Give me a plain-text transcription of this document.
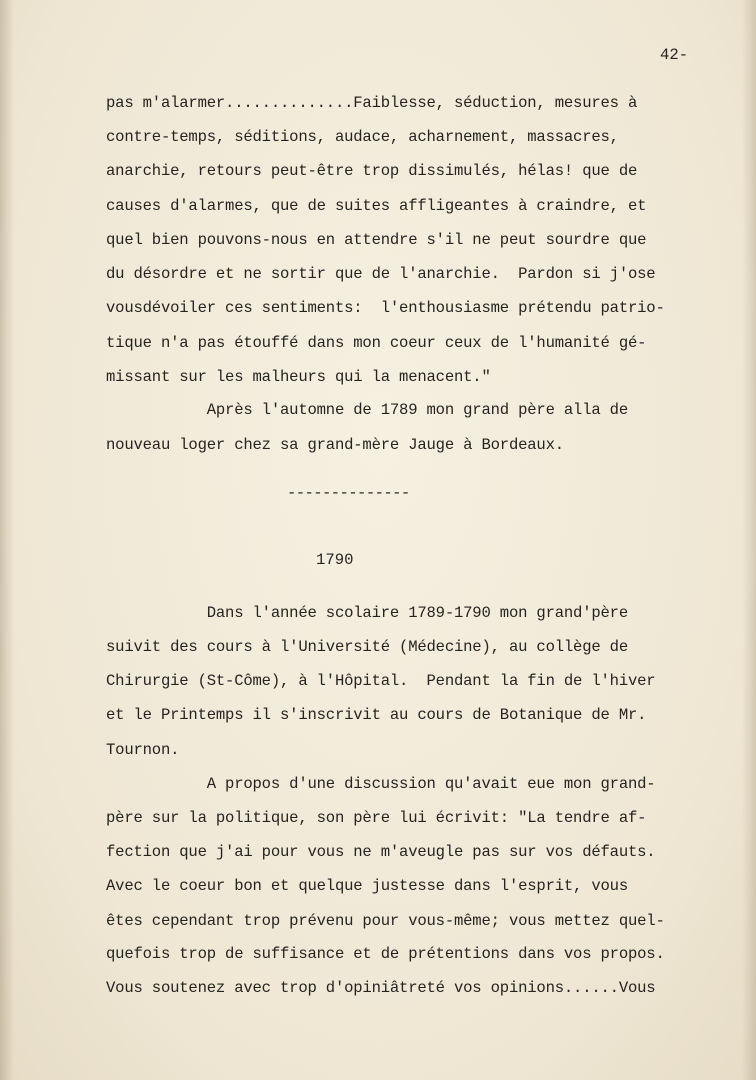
42-
pas m'alarmer..............Faiblesse, séduction, mesures à
contre-temps, séditions, audace, acharnement, massacres,
anarchie, retours peut-être trop dissimulés, hélas! que de
causes d'alarmes, que de suites affligeantes à craindre, et
quel bien pouvons-nous en attendre s'il ne peut sourdre que
du désordre et ne sortir que de l'anarchie.  Pardon si j'ose
vousdévoiler ces sentiments:  l'enthousiasme prétendu patrio-
tique n'a pas étouffé dans mon coeur ceux de l'humanité gé-
missant sur les malheurs qui la menacent."
Après l'automne de 1789 mon grand père alla de
nouveau loger chez sa grand-mère Jauge à Bordeaux.
--------------
1790
Dans l'année scolaire 1789-1790 mon grand'père
suivit des cours à l'Université (Médecine), au collège de
Chirurgie (St-Côme), à l'Hôpital.  Pendant la fin de l'hiver
et le Printemps il s'inscrivit au cours de Botanique de Mr.
Tournon.
A propos d'une discussion qu'avait eue mon grand-
père sur la politique, son père lui écrivit: "La tendre af-
fection que j'ai pour vous ne m'aveugle pas sur vos défauts.
Avec le coeur bon et quelque justesse dans l'esprit, vous
êtes cependant trop prévenu pour vous-même; vous mettez quel-
quefois trop de suffisance et de prétentions dans vos propos.
Vous soutenez avec trop d'opiniâtreté vos opinions......Vous
